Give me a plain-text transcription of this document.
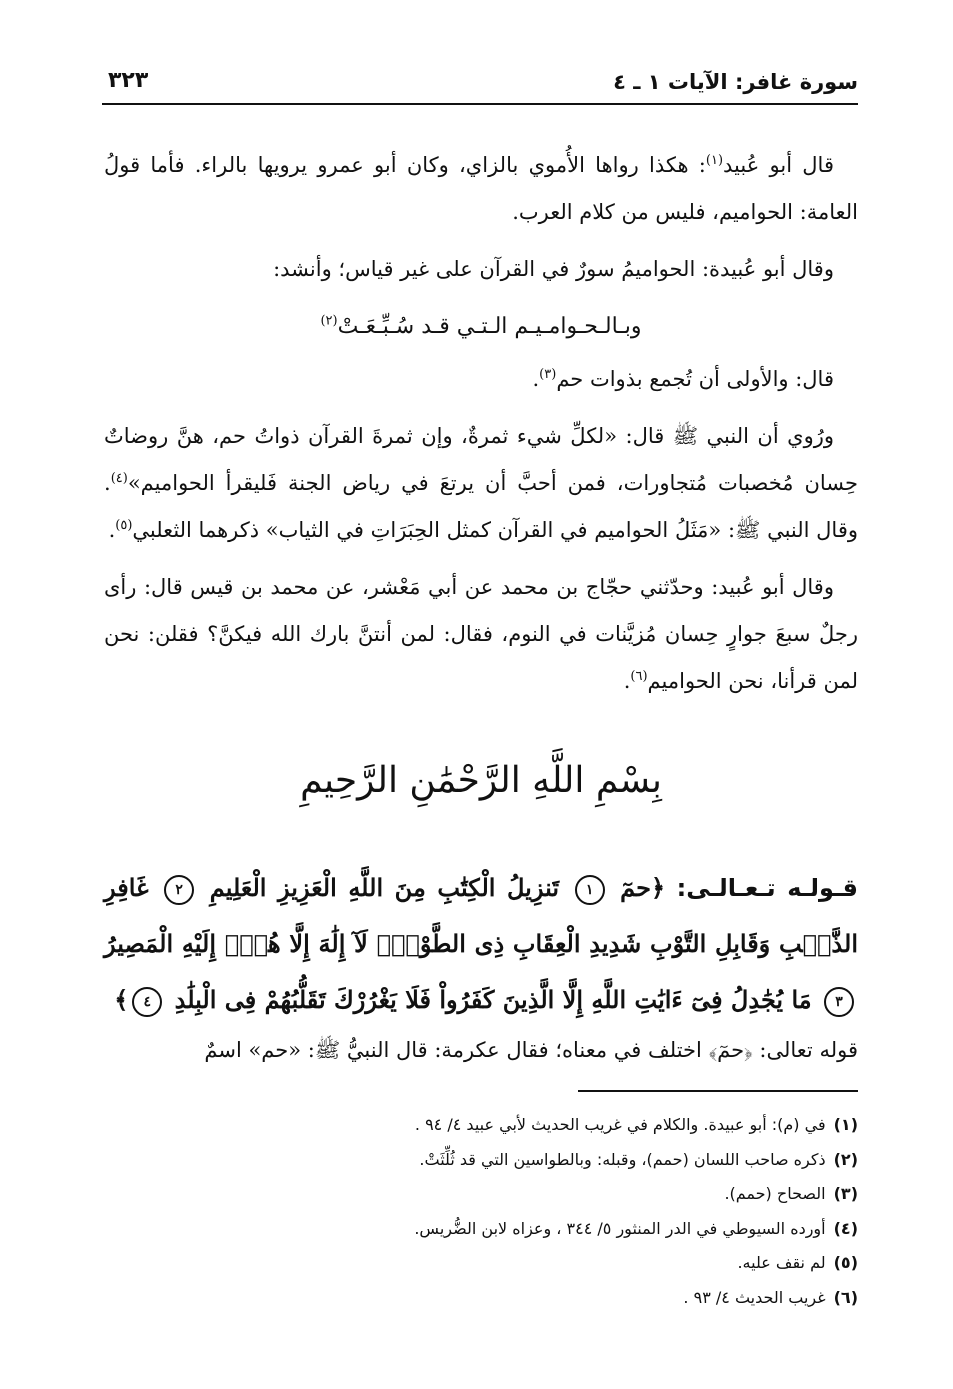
سورة غافر: الآيات ١ ـ ٤
٣٢٣

قال أبو عُبيد$^{(١)}$: هكذا رواها الأُموي بالزاي، وكان أبو عمرو يرويها بالراء. فأما قولُ العامة: الحواميم، فليس من كلام العرب.

وقال أبو عُبيدة: الحواميمُ سورٌ في القرآن على غير قياس؛ وأنشد:

وبـالـحـوامـيـم الـتـي قـد سُـبِّـعَـتْ$^{(٢)}$

قال: والأولى أن تُجمع بذوات حم$^{(٣)}$.

ورُوي أن النبي ﷺ قال: «لكلِّ شيء ثمرةٌ، وإن ثمرةَ القرآن ذواتُ حم، هنَّ روضاتٌ حِسان مُخصبات مُتجاورات، فمن أحبَّ أن يرتعَ في رياض الجنة فَليقرأ الحواميم»$^{(٤)}$. وقال النبي ﷺ: «مَثَلُ الحواميم في القرآن كمثل الحِبَرَاتِ في الثياب» ذكرهما الثعلبي$^{(٥)}$.

وقال أبو عُبيد: وحدّثني حجّاج بن محمد عن أبي مَعْشر، عن محمد بن قيس قال: رأى رجلٌ سبعَ جوارٍ حِسان مُزيَّنات في النوم، فقال: لمن أنتنَّ بارك الله فيكنَّ؟ فقلن: نحن لمن قرأنا، نحن الحواميم$^{(٦)}$.

بِسْمِ اللَّهِ الرَّحْمَٰنِ الرَّحِيمِ
قـولـه تـعـالـى: ﴿حمٓ ١ تَنزِيلُ الْكِتَٰبِ مِنَ اللَّهِ الْعَزِيزِ الْعَلِيمِ ٢ غَافِرِ الذَّنۢبِ وَقَابِلِ التَّوْبِ شَدِيدِ الْعِقَابِ ذِى الطَّوْلِۖ لَآ إِلَٰهَ إِلَّا هُوَۖ إِلَيْهِ الْمَصِيرُ ٣ مَا يُجَٰدِلُ فِىٓ ءَايَٰتِ اللَّهِ إِلَّا الَّذِينَ كَفَرُواْ فَلَا يَغْرُرْكَ تَقَلُّبُهُمْ فِى الْبِلَٰدِ ٤﴾
قوله تعالى: ﴿حمٓ﴾ اختلف في معناه؛ فقال عكرمة: قال النبيُّ ﷺ: «حم» اسمٌ
(١)في (م): أبو عبيدة. والكلام في غريب الحديث لأبي عبيد ٤/ ٩٤ .
(٢)ذكره صاحب اللسان (حمم)، وقبله: وبالطواسين التي قد ثُلِّثَتْ.
(٣)الصحاح (حمم).
(٤)أورده السيوطي في الدر المنثور ٥/ ٣٤٤ ، وعزاه لابن الضُّريس.
(٥)لم نقف عليه.
(٦)غريب الحديث ٤/ ٩٣ .
